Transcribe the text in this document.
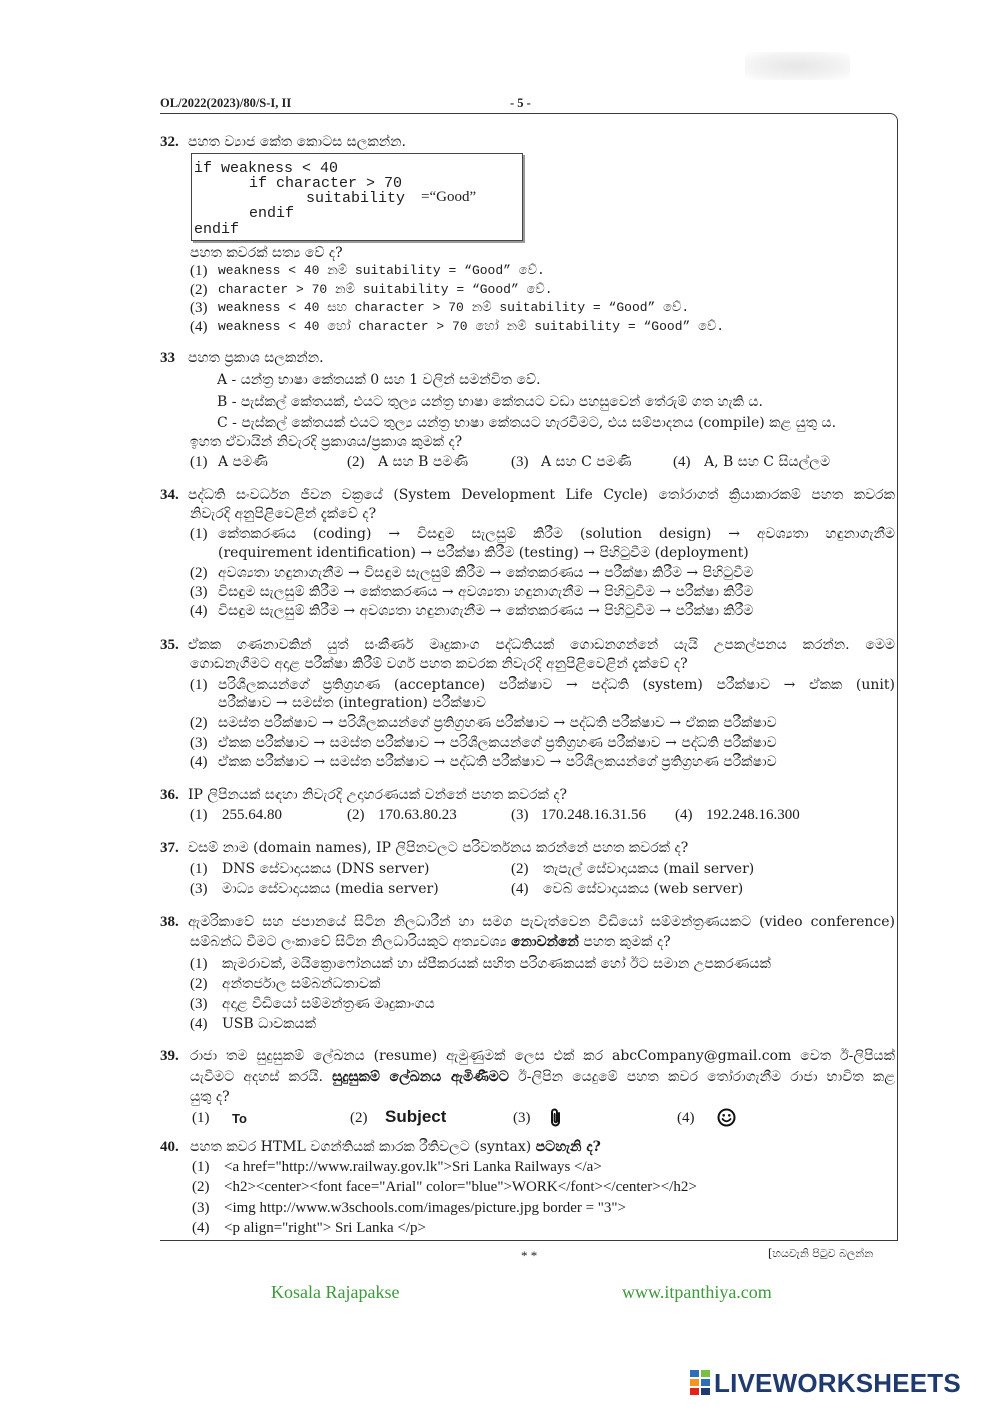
OL/2022(2023)/80/S-I, II	- 5 -
32. පහත ව්‍යාජ කේත කොටස සලකන්න.
if weakness < 40
if character > 70
suitability =“Good”
endif
endif
පහත කවරක් සත්‍ය වේ ද?
(1) weakness < 40 නම් suitability = “Good” වේ.
(2) character > 70 නම් suitability = “Good” වේ.
(3) weakness < 40 සහ character > 70 නම් suitability = “Good” වේ.
(4) weakness < 40 හෝ character > 70 හෝ නම් suitability = “Good” වේ.
33 පහත ප්‍රකාශ සලකන්න.
A - යන්ත්‍ර භාෂා කේතයක් 0 සහ 1 වලින් සමන්විත වේ.
B - පැස්කල් කේතයක්, එයට තුල්‍ය යන්ත්‍ර භාෂා කේතයට වඩා පහසුවෙන් තේරුම් ගත හැකි ය.
C - පැස්කල් කේතයක් එයට තුල්‍ය යන්ත්‍ර භාෂා කේතයට හැරවීමට, එය සම්පාදනය (compile) කළ යුතු ය.
ඉහත ඒවායින් නිවැරදි ප්‍රකාශය/ප්‍රකාශ කුමක් ද?
(1) A පමණි	(2) A සහ B පමණි	(3) A සහ C පමණි	(4) A, B සහ C සියල්ලම
34. පද්ධති සංවර්ධන ජීවන චක්‍රයේ (System Development Life Cycle) තෝරාගත් ක්‍රියාකාරකම් පහත කවරක
නිවැරදි අනුපිළිවෙළින් දැක්වේ ද?
(1) කේතකරණය (coding) → විසඳුම සැලසුම් කිරීම (solution design) → අවශ්‍යතා හඳුනාගැනීම
(requirement identification) → පරීක්ෂා කිරීම (testing) → පිහිටුවීම (deployment)
(2) අවශ්‍යතා හඳුනාගැනීම → විසඳුම සැලසුම් කිරීම → කේතකරණය → පරීක්ෂා කිරීම → පිහිටුවීම
(3) විසඳුම සැලසුම් කිරීම → කේතකරණය → අවශ්‍යතා හඳුනාගැනීම → පිහිටුවීම → පරීක්ෂා කිරීම
(4) විසඳුම සැලසුම් කිරීම → අවශ්‍යතා හඳුනාගැනීම → කේතකරණය → පිහිටුවීම → පරීක්ෂා කිරීම
35. ඒකක ගණනාවකින් යුත් සංකීර්ණ මෘදුකාංග පද්ධතියක් ගොඩනගන්නේ යැයි උපකල්පනය කරන්න. මෙම
ගොඩනැගීමට අදාළ පරීක්ෂා කිරීම් වර්ග පහත කවරක නිවැරදි අනුපිළිවෙළින් දැක්වේ ද?
(1) පරිශීලකයන්ගේ ප්‍රතිග්‍රහණ (acceptance) පරීක්ෂාව → පද්ධති (system) පරීක්ෂාව → ඒකක (unit)
පරීක්ෂාව → සමස්ත (integration) පරීක්ෂාව
(2) සමස්ත පරීක්ෂාව → පරිශීලකයන්ගේ ප්‍රතිග්‍රහණ පරීක්ෂාව → පද්ධති පරීක්ෂාව → ඒකක පරීක්ෂාව
(3) ඒකක පරීක්ෂාව → සමස්ත පරීක්ෂාව → පරිශීලකයන්ගේ ප්‍රතිග්‍රහණ පරීක්ෂාව → පද්ධති පරීක්ෂාව
(4) ඒකක පරීක්ෂාව → සමස්ත පරීක්ෂාව → පද්ධති පරීක්ෂාව → පරිශීලකයන්ගේ ප්‍රතිග්‍රහණ පරීක්ෂාව
36. IP ලිපිනයක් සඳහා නිවැරදි උදාහරණයක් වන්නේ පහත කවරක් ද?
(1) 255.64.80	(2) 170.63.80.23	(3) 170.248.16.31.56	(4) 192.248.16.300
37. වසම් නාම (domain names), IP ලිපිනවලට පරිවර්තනය කරන්නේ පහත කවරක් ද?
(1) DNS සේවාදායකය (DNS server)	(2) තැපැල් සේවාදායකය (mail server)
(3) මාධ්‍ය සේවාදායකය (media server)	(4) වෙබ් සේවාදායකය (web server)
38. ඇමරිකාවේ සහ ජපානයේ සිටින නිලධාරීන් හා සමග පැවැත්වෙන වීඩියෝ සම්මන්ත්‍රණයකට (video conference)
සම්බන්ධ වීමට ලංකාවේ සිටින නිලධාරියකුට අත්‍යවශ්‍ය නොවන්නේ පහත කුමක් ද?
(1) කැමරාවක්, මයික්‍රොෆෝනයක් හා ස්පීකරයක් සහිත පරිගණකයක් හෝ ඊට සමාන උපකරණයක්
(2) අන්තර්ජාල සම්බන්ධතාවක්
(3) අදාළ වීඩියෝ සම්මන්ත්‍රණ මෘදුකාංගය
(4) USB ධාවකයක්
39. රාජා තම සුදුසුකම් ලේඛනය (resume) ඇමුණුමක් ලෙස එක් කර abcCompany@gmail.com වෙත ඊ-ලිපියක්
යැවීමට අදහස් කරයි. සුදුසුකම් ලේඛනය ඇමිණීමට ඊ-ලිපින යෙදුමේ පහත කවර තෝරාගැනීම රාජා භාවිත කළ
යුතු ද?
(1) To	(2) Subject	(3)	(4)
40. පහත කවර HTML වගන්තියක් කාරක රීතිවලට (syntax) පටහැනි ද?
(1) <a href="http://www.railway.gov.lk">Sri Lanka Railways </a>
(2) <h2><center><font face="Arial" color="blue">WORK</font></center></h2>
(3) <img http://www.w3schools.com/images/picture.jpg border = "3">
(4) <p align="right"> Sri Lanka </p>
* *	[හයවැනි පිටුව බලන්න
Kosala Rajapakse	www.itpanthiya.com
LIVEWORKSHEETS
